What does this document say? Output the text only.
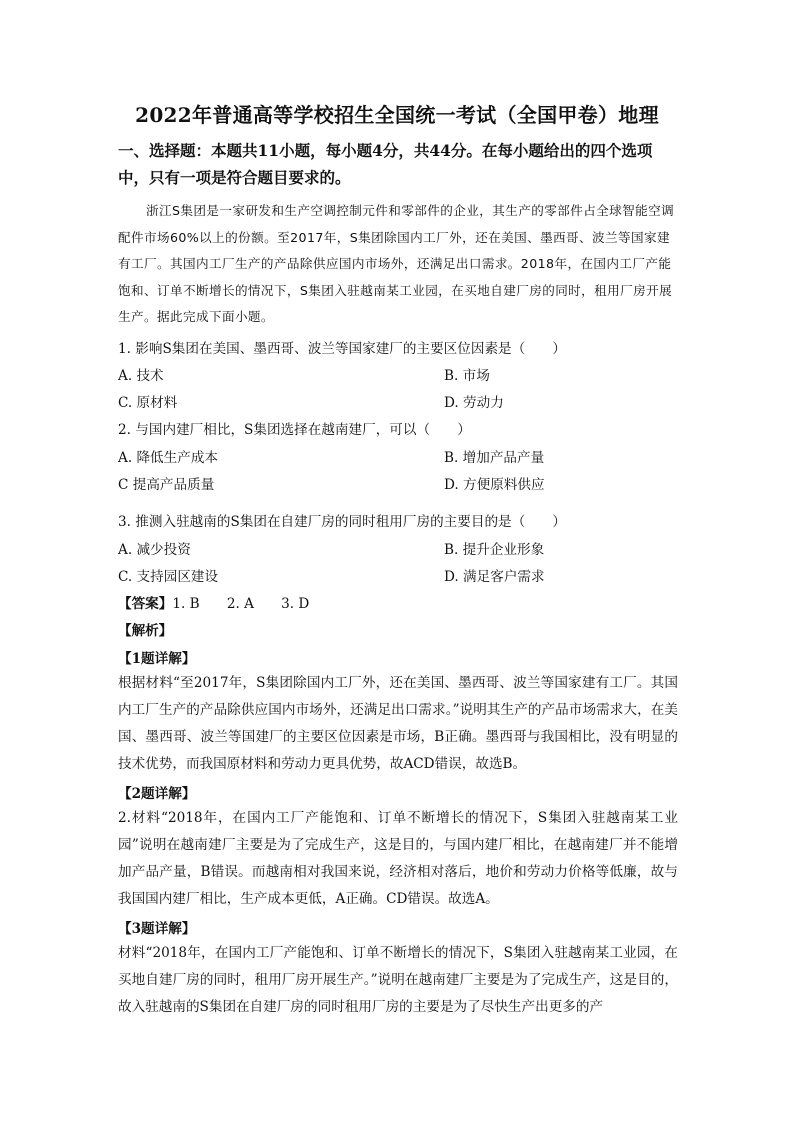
2022年普通高等学校招生全国统一考试（全国甲卷）地理
一、选择题：本题共11小题，每小题4分，共44分。在每小题给出的四个选项中，只有一项是符合题目要求的。
浙江S集团是一家研发和生产空调控制元件和零部件的企业，其生产的零部件占全球智能空调配件市场60%以上的份额。至2017年，S集团除国内工厂外，还在美国、墨西哥、波兰等国家建有工厂。其国内工厂生产的产品除供应国内市场外，还满足出口需求。2018年，在国内工厂产能饱和、订单不断增长的情况下，S集团入驻越南某工业园，在买地自建厂房的同时，租用厂房开展生产。据此完成下面小题。
1. 影响S集团在美国、墨西哥、波兰等国家建厂的主要区位因素是（　　）
A. 技术	B. 市场
C. 原材料	D. 劳动力
2. 与国内建厂相比，S集团选择在越南建厂，可以（　　）
A. 降低生产成本	B. 增加产品产量
C 提高产品质量	D. 方便原料供应
3. 推测入驻越南的S集团在自建厂房的同时租用厂房的主要目的是（　　）
A. 减少投资	B. 提升企业形象
C. 支持园区建设	D. 满足客户需求
【答案】1. B　　2. A　　3. D
【解析】
【1题详解】
根据材料“至2017年，S集团除国内工厂外，还在美国、墨西哥、波兰等国家建有工厂。其国内工厂生产的产品除供应国内市场外，还满足出口需求。”说明其生产的产品市场需求大，在美国、墨西哥、波兰等国建厂的主要区位因素是市场，B正确。墨西哥与我国相比，没有明显的技术优势，而我国原材料和劳动力更具优势，故ACD错误，故选B。
【2题详解】
2.材料“2018年，在国内工厂产能饱和、订单不断增长的情况下，S集团入驻越南某工业园”说明在越南建厂主要是为了完成生产，这是目的，与国内建厂相比，在越南建厂并不能增加产品产量，B错误。而越南相对我国来说，经济相对落后，地价和劳动力价格等低廉，故与我国国内建厂相比，生产成本更低，A正确。CD错误。故选A。
【3题详解】
材料“2018年，在国内工厂产能饱和、订单不断增长的情况下，S集团入驻越南某工业园，在买地自建厂房的同时，租用厂房开展生产。”说明在越南建厂主要是为了完成生产，这是目的，故入驻越南的S集团在自建厂房的同时租用厂房的主要是为了尽快生产出更多的产
